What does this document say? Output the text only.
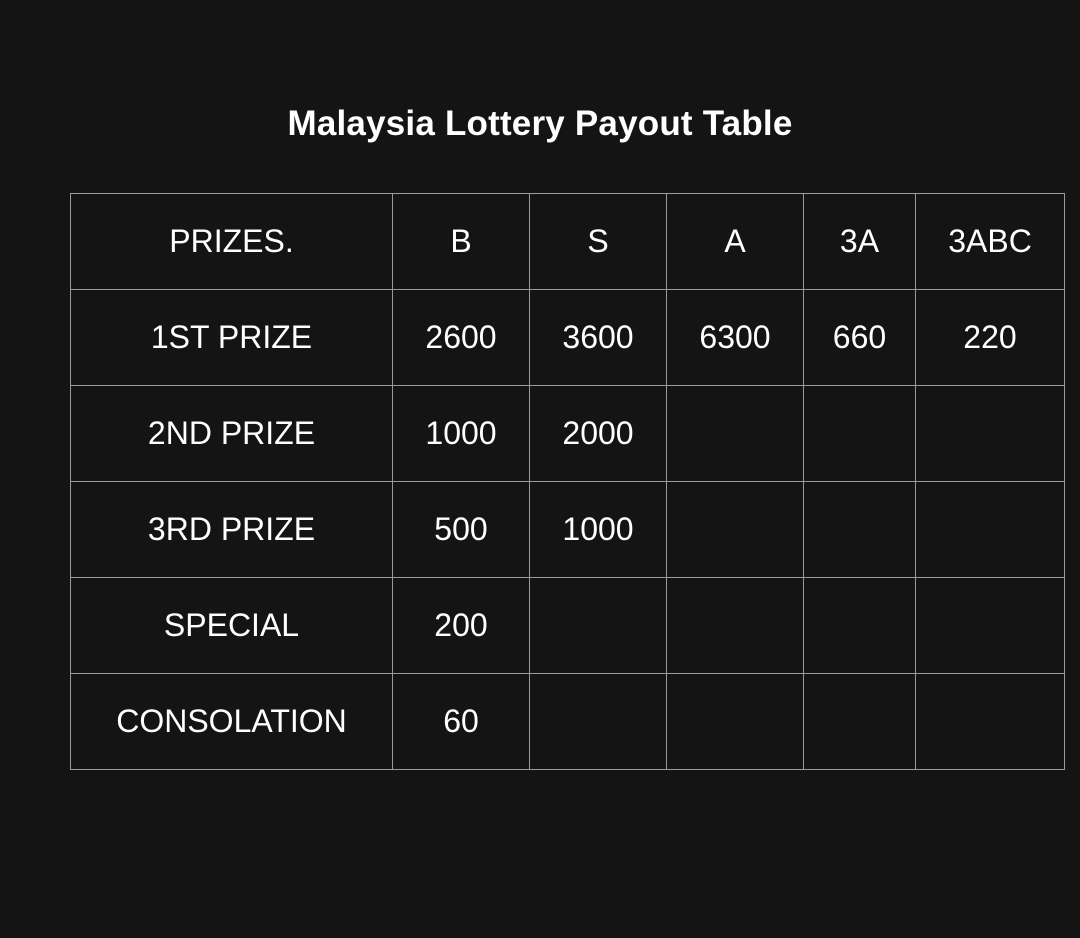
Malaysia Lottery Payout Table
PRIZES.	B	S	A	3A	3ABC
1ST PRIZE	2600	3600	6300	660	220
2ND PRIZE	1000	2000			
3RD PRIZE	500	1000			
SPECIAL	200				
CONSOLATION	60				
